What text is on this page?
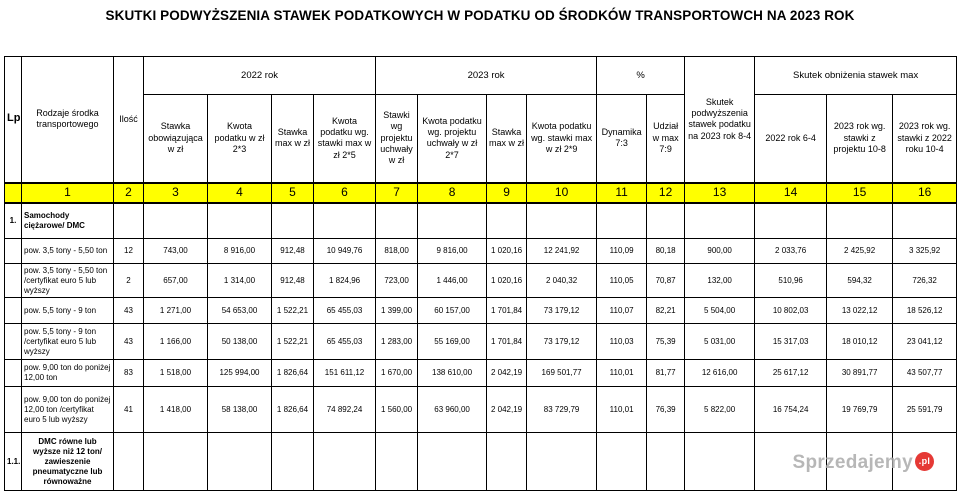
SKUTKI PODWYŻSZENIA STAWEK PODATKOWYCH W PODATKU OD ŚRODKÓW TRANSPORTOWCH NA 2023 ROK
Lp	Rodzaje środka transportowego	Ilość	2022 rok				2023 rok				%		Skutek podwyższenia stawek podatku na 2023 rok 8-4	Skutek obniżenia stawek max		
			Stawka obowiązująca w zł	Kwota podatku w zł 2*3	Stawka max w zł	Kwota podatku wg. stawki max w zł 2*5	Stawki wg projektu uchwały w zł	Kwota podatku wg. projektu uchwały w zł 2*7	Stawka max w zł	Kwota podatku wg. stawki max w zł 2*9	Dynamika 7:3	Udział w max 7:9		2022 rok 6-4	2023 rok wg. stawki z projektu 10-8	2023 rok wg. stawki z 2022 roku 10-4
	1	2	3	4	5	6	7	8	9	10	11	12	13	14	15	16
1.	Samochody ciężarowe/ DMC															
	pow. 3,5 tony - 5,50 ton	12	743,00	8 916,00	912,48	10 949,76	818,00	9 816,00	1 020,16	12 241,92	110,09	80,18	900,00	2 033,76	2 425,92	3 325,92
	pow. 3,5 tony - 5,50 ton /certyfikat euro 5 lub wyższy	2	657,00	1 314,00	912,48	1 824,96	723,00	1 446,00	1 020,16	2 040,32	110,05	70,87	132,00	510,96	594,32	726,32
	pow. 5,5 tony - 9 ton	43	1 271,00	54 653,00	1 522,21	65 455,03	1 399,00	60 157,00	1 701,84	73 179,12	110,07	82,21	5 504,00	10 802,03	13 022,12	18 526,12
	pow. 5,5 tony - 9 ton /certyfikat euro 5 lub wyższy	43	1 166,00	50 138,00	1 522,21	65 455,03	1 283,00	55 169,00	1 701,84	73 179,12	110,03	75,39	5 031,00	15 317,03	18 010,12	23 041,12
	pow. 9,00 ton do poniżej 12,00 ton	83	1 518,00	125 994,00	1 826,64	151 611,12	1 670,00	138 610,00	2 042,19	169 501,77	110,01	81,77	12 616,00	25 617,12	30 891,77	43 507,77
	pow. 9,00 ton do poniżej 12,00 ton /certyfikat euro 5 lub wyższy	41	1 418,00	58 138,00	1 826,64	74 892,24	1 560,00	63 960,00	2 042,19	83 729,79	110,01	76,39	5 822,00	16 754,24	19 769,79	25 591,79
1.1.	DMC równe lub wyższe niż 12 ton/ zawieszenie pneumatyczne lub równoważne															
Sprzedajemy .pl
